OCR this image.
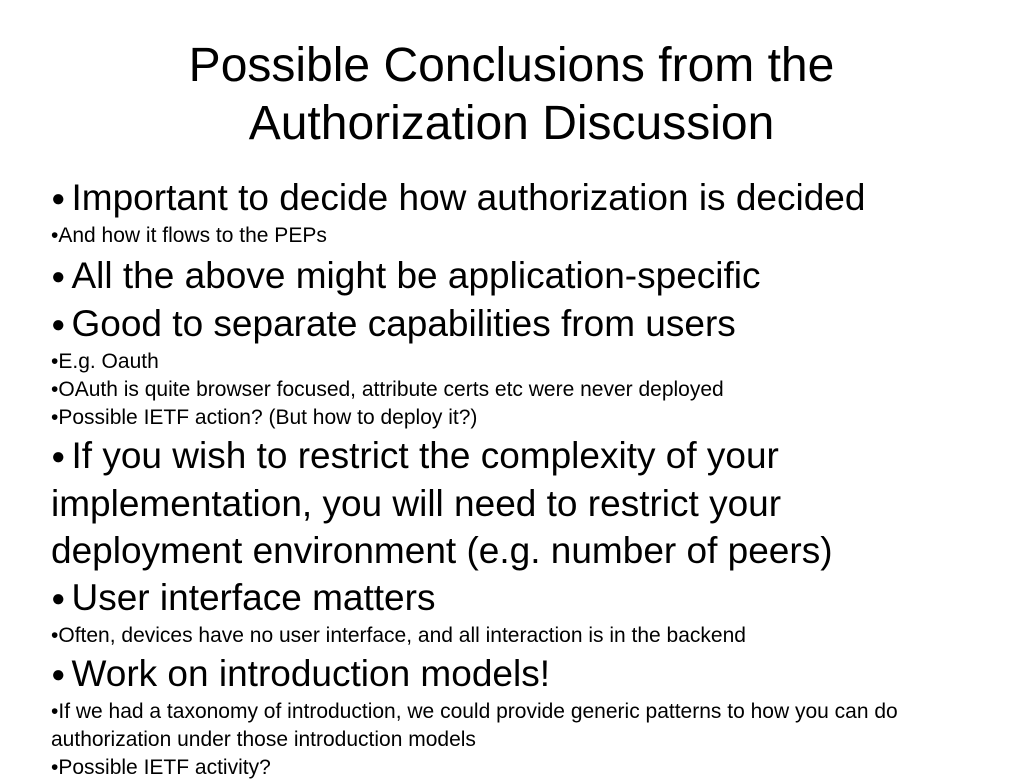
Possible Conclusions from the
Authorization Discussion

● Important to decide how authorization is decided

•And how it flows to the PEPs

● All the above might be application-specific

● Good to separate capabilities from users

•E.g. Oauth

•OAuth is quite browser focused, attribute certs etc were never deployed

•Possible IETF action? (But how to deploy it?)

● If you wish to restrict the complexity of your implementation, you will need to restrict your deployment environment (e.g. number of peers)

● User interface matters

•Often, devices have no user interface, and all interaction is in the backend

● Work on introduction models!

•If we had a taxonomy of introduction, we could provide generic patterns to how you can do authorization under those introduction models

•Possible IETF activity?
